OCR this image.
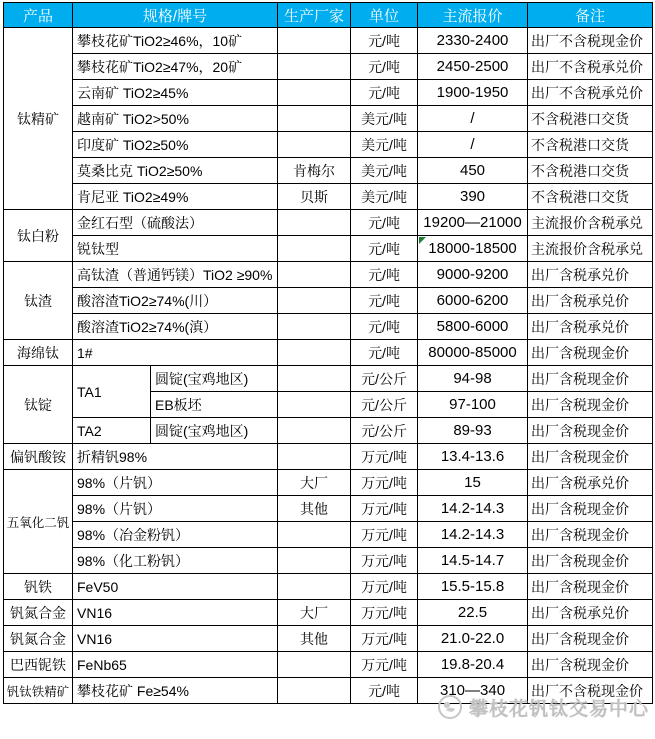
产品	规格/牌号		生产厂家	单位	主流报价	备注
钛精矿	攀枝花矿TiO2≥46%，10矿			元/吨	2330-2400	出厂不含税现金价
	攀枝花矿TiO2≥47%，20矿			元/吨	2450-2500	出厂不含税承兑价
	云南矿 TiO2≥45%			元/吨	1900-1950	出厂不含税承兑价
	越南矿 TiO2>50%			美元/吨	/	不含税港口交货
	印度矿 TiO2≥50%			美元/吨	/	不含税港口交货
	莫桑比克 TiO2≥50%		肯梅尔	美元/吨	450	不含税港口交货
	肯尼亚 TiO2≥49%		贝斯	美元/吨	390	不含税港口交货
钛白粉	金红石型（硫酸法）			元/吨	19200—21000	主流报价含税承兑
	锐钛型			元/吨	18000-18500	主流报价含税承兑
钛渣	高钛渣（普通钙镁）TiO2 ≥90%			元/吨	9000-9200	出厂含税承兑价
	酸溶渣TiO2≥74%(川）			元/吨	6000-6200	出厂含税承兑价
	酸溶渣TiO2≥74%(滇）			元/吨	5800-6000	出厂含税承兑价
海绵钛	1#			元/吨	80000-85000	出厂含税现金价
钛锭	TA1	圆锭(宝鸡地区)		元/公斤	94-98	出厂含税现金价
		EB板坯		元/公斤	97-100	出厂含税现金价
	TA2	圆锭(宝鸡地区)		元/公斤	89-93	出厂含税现金价
偏钒酸铵	折精钒98%			万元/吨	13.4-13.6	出厂含税现金价
五氧化二钒	98%（片钒）		大厂	万元/吨	15	出厂含税承兑价
	98%（片钒）		其他	万元/吨	14.2-14.3	出厂含税现金价
	98%（冶金粉钒）			万元/吨	14.2-14.3	出厂含税现金价
	98%（化工粉钒）			万元/吨	14.5-14.7	出厂含税现金价
钒铁	FeV50			万元/吨	15.5-15.8	出厂含税现金价
钒氮合金	VN16		大厂	万元/吨	22.5	出厂含税承兑价
钒氮合金	VN16		其他	万元/吨	21.0-22.0	出厂含税现金价
巴西铌铁	FeNb65			万元/吨	19.8-20.4	出厂含税现金价
钒钛铁精矿	攀枝花矿 Fe≥54%			元/吨	310—340	出厂不含税现金价
攀枝花钒钛交易中心
